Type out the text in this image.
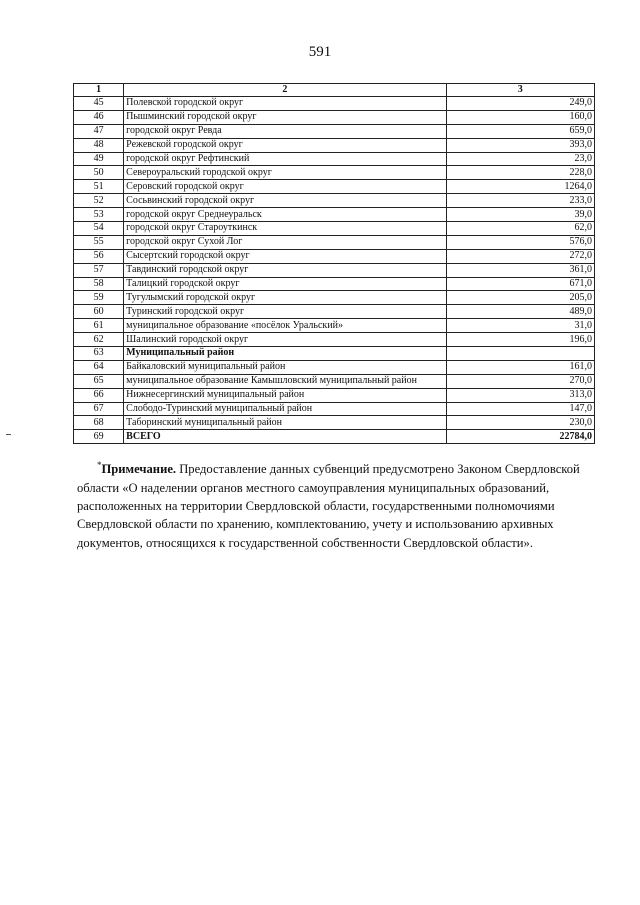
591
1	2	3
45	Полевской городской округ	249,0
46	Пышминский городской округ	160,0
47	городской округ Ревда	659,0
48	Режевской городской округ	393,0
49	городской округ Рефтинский	23,0
50	Североуральский городской округ	228,0
51	Серовский городской округ	1264,0
52	Сосьвинский городской округ	233,0
53	городской округ Среднеуральск	39,0
54	городской округ Староуткинск	62,0
55	городской округ Сухой Лог	576,0
56	Сысертский городской округ	272,0
57	Тавдинский городской округ	361,0
58	Талицкий городской округ	671,0
59	Тугулымский городской округ	205,0
60	Туринский городской округ	489,0
61	муниципальное образование «посёлок Уральский»	31,0
62	Шалинский городской округ	196,0
63	Муниципальный район	
64	Байкаловский муниципальный район	161,0
65	муниципальное образование Камышловский муниципальный район	270,0
66	Нижнесергинский муниципальный район	313,0
67	Слободо-Туринский муниципальный район	147,0
68	Таборинский муниципальный район	230,0
69	ВСЕГО	22784,0
*Примечание. Предоставление данных субвенций предусмотрено Законом Свердловской области «О наделении органов местного самоуправления муниципальных образований, расположенных на территории Свердловской области, государственными полномочиями Свердловской области по хранению, комплектованию, учету и использованию архивных документов, относящихся к государственной собственности Свердловской области».
